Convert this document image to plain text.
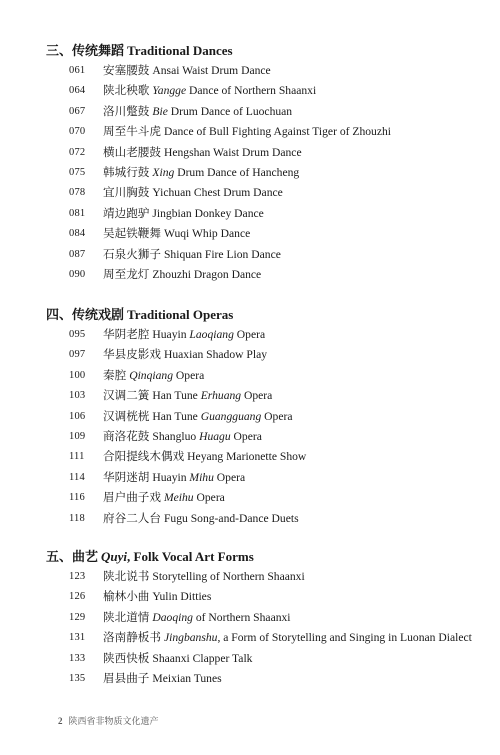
三、传统舞蹈 Traditional Dances
061	安塞腰鼓 Ansai Waist Drum Dance
064	陕北秧歌 Yangge Dance of Northern Shaanxi
067	洛川蹩鼓 Bie Drum Dance of Luochuan
070	周至牛斗虎 Dance of Bull Fighting Against Tiger of Zhouzhi
072	横山老腰鼓 Hengshan Waist Drum Dance
075	韩城行鼓 Xing Drum Dance of Hancheng
078	宜川胸鼓 Yichuan Chest Drum Dance
081	靖边跑驴 Jingbian Donkey Dance
084	吴起铁鞭舞 Wuqi Whip Dance
087	石泉火狮子 Shiquan Fire Lion Dance
090	周至龙灯 Zhouzhi Dragon Dance
四、传统戏剧 Traditional Operas
095	华阴老腔 Huayin Laoqiang Opera
097	华县皮影戏 Huaxian Shadow Play
100	秦腔 Qinqiang Opera
103	汉调二簧 Han Tune Erhuang Opera
106	汉调桄桄 Han Tune Guangguang Opera
109	商洛花鼓 Shangluo Huagu Opera
111	合阳提线木偶戏 Heyang Marionette Show
114	华阴迷胡 Huayin Mihu Opera
116	眉户曲子戏 Meihu Opera
118	府谷二人台 Fugu Song-and-Dance Duets
五、曲艺 Quyi, Folk Vocal Art Forms
123	陕北说书 Storytelling of Northern Shaanxi
126	榆林小曲 Yulin Ditties
129	陕北道情 Daoqing of Northern Shaanxi
131	洛南静板书 Jingbanshu, a Form of Storytelling and Singing in Luonan Dialect
133	陕西快板 Shaanxi Clapper Talk
135	眉县曲子 Meixian Tunes
2 陕西省非物质文化遗产
